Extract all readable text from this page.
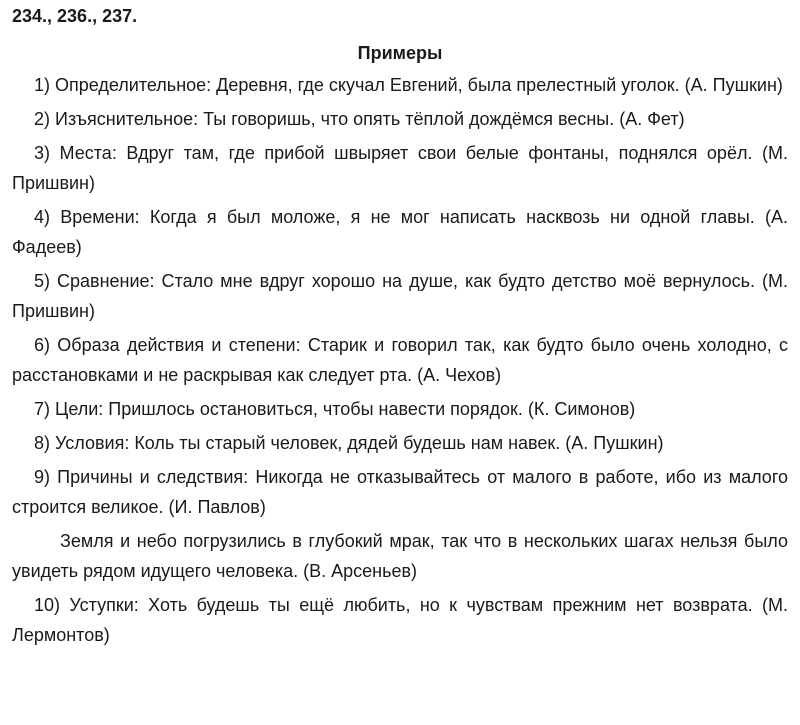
234., 236., 237.

Примеры

1) Определительное: Деревня, где скучал Евгений, была прелестный уголок. (А. Пушкин)

2) Изъяснительное: Ты говоришь, что опять тёплой дождёмся весны. (А. Фет)

3) Места: Вдруг там, где прибой швыряет свои белые фонтаны, поднялся орёл. (М. Пришвин)

4) Времени: Когда я был моложе, я не мог написать насквозь ни одной главы. (А. Фадеев)

5) Сравнение: Стало мне вдруг хорошо на душе, как будто детство моё вернулось. (М. Пришвин)

6) Образа действия и степени: Старик и говорил так, как будто было очень холодно, с расстановками и не раскрывая как следует рта. (А. Чехов)

7) Цели: Пришлось остановиться, чтобы навести порядок. (К. Симонов)

8) Условия: Коль ты старый человек, дядей будешь нам навек. (А. Пушкин)

9) Причины и следствия: Никогда не отказывайтесь от малого в работе, ибо из малого строится великое. (И. Павлов)

Земля и небо погрузились в глубокий мрак, так что в нескольких шагах нельзя было увидеть рядом идущего человека. (В. Арсеньев)

10) Уступки: Хоть будешь ты ещё любить, но к чувствам прежним нет возврата. (М. Лермонтов)
